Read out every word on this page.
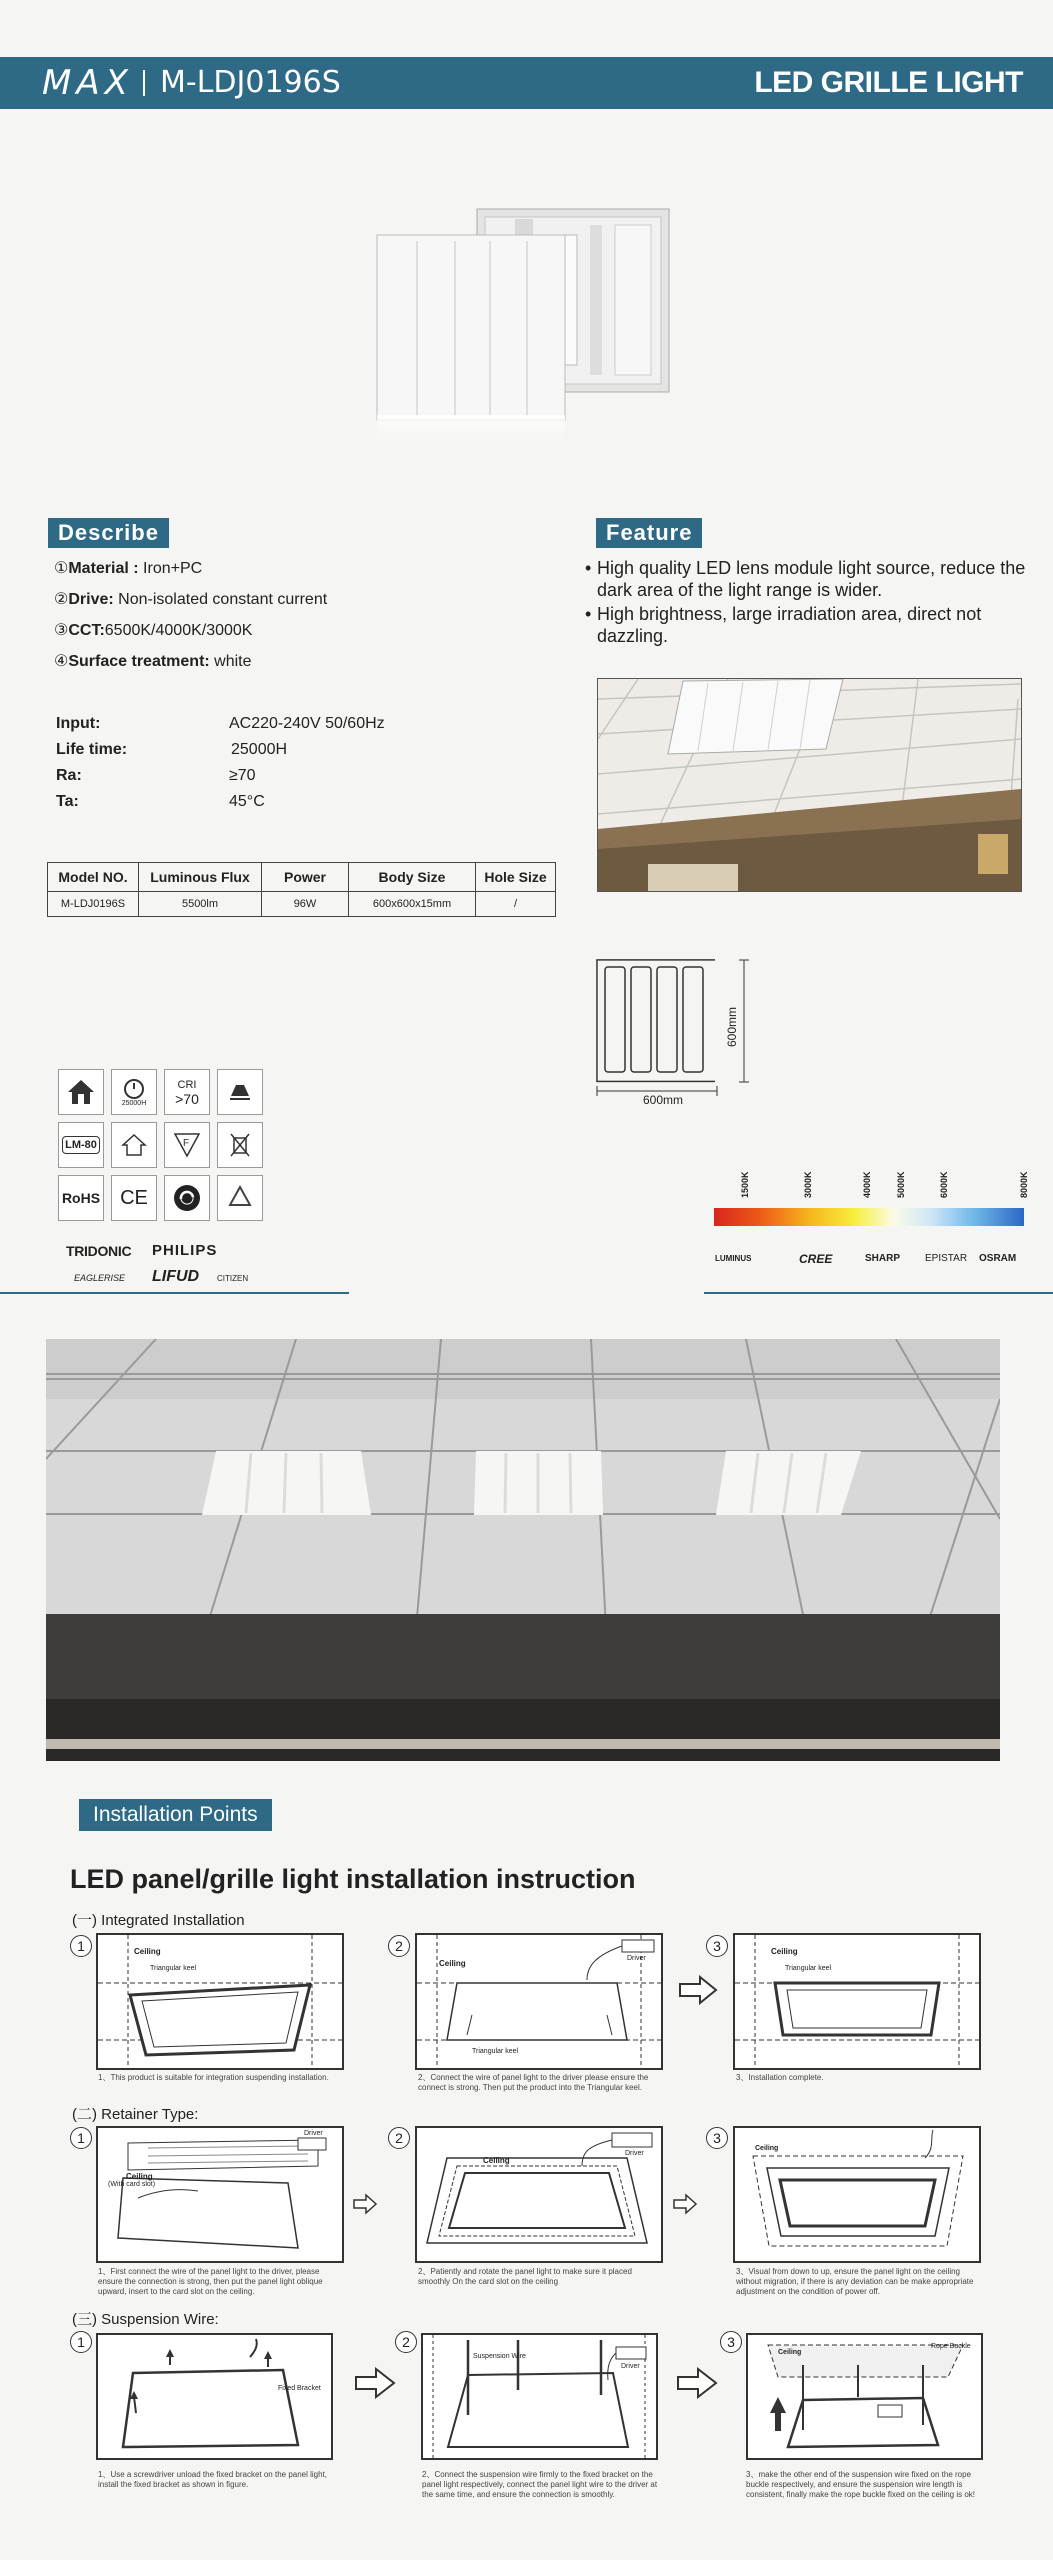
MAX M-LDJ0196S	LED GRILLE LIGHT
Describe
①Material : Iron+PC
②Drive: Non-isolated constant current
③CCT:6500K/4000K/3000K
④Surface treatment: white
Input:	AC220-240V 50/60Hz
Life time:	25000H
Ra:	≥70
Ta:	45°C
Model NO.	Luminous Flux	Power	Body Size	Hole Size
M-LDJ0196S	5500lm	96W	600x600x15mm	/
Feature
• High quality LED lens module light source, reduce the dark area of the light range is wider.
• High brightness, large irradiation area, direct not dazzling.
600mm
600mm
25000H
CRI
>70
LM-80	F
RoHS	CE
TRIDONIC PHILIPS
EAGLERISE LIFUD CITIZEN
1500K	3000K	4000K	5000K	6000K	8000K
LUMINUS	CREE	SHARP EPISTAR OSRAM
Installation Points
LED panel/grille light installation instruction
(一) Integrated Installation
1	Ceiling
Triangular keel
1、This product is suitable for integration suspending installation.
2
Ceiling
Driver
Triangular keel
2、Connect the wire of panel light to the driver please ensure the connect is strong. Then put the product into the Triangular keel.
3	Ceiling
Triangular keel
3、Installation complete.
(二) Retainer Type:
1	Driver
Ceiling
(With card slot)
1、First connect the wire of the panel light to the driver, please ensure the connection is strong, then put the panel light oblique upward, insert to the card slot on the ceiling.
2
Ceiling
Driver
2、Patiently and rotate the panel light to make sure it placed smoothly On the card slot on the ceiling
3
Ceiling
3、Visual from down to up, ensure the panel light on the ceiling without migration, if there is any deviation can be make appropriate adjustment on the condition of power off.
(三) Suspension Wire:
1
Fixed Bracket
1、Use a screwdriver unload the fixed bracket on the panel light, install the fixed bracket as shown in figure.
2
Suspension Wire
Driver
2、Connect the suspension wire firmly to the fixed bracket on the panel light respectively, connect the panel light wire to the driver at the same time, and ensure the connection is smoothly.
3
Ceiling
Rope Buckle
3、make the other end of the suspension wire fixed on the rope buckle respectively, and ensure the suspension wire length is consistent, finally make the rope buckle fixed on the ceiling is ok!
